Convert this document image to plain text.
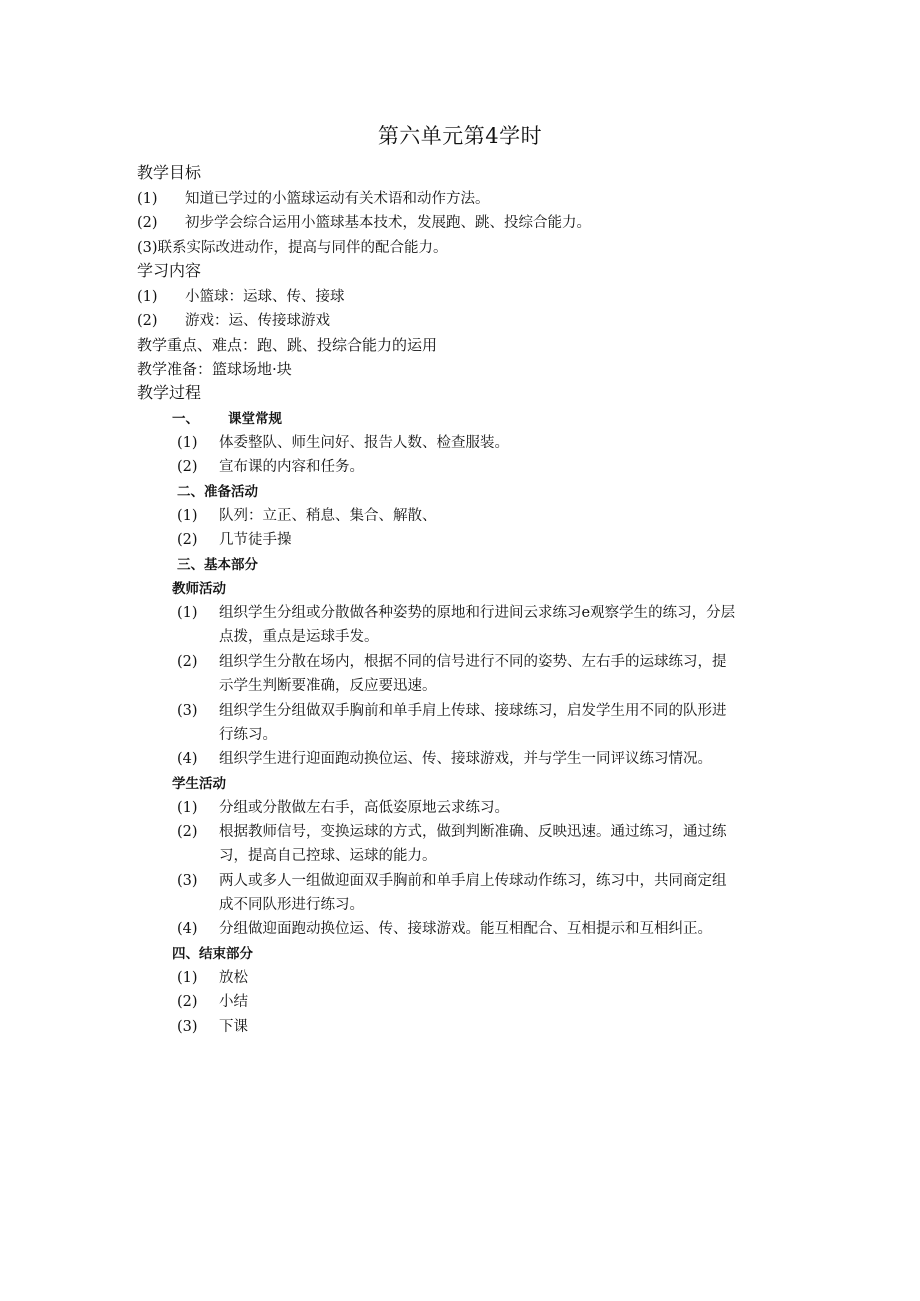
第六单元第4学时
教学目标
(1) 知道已学过的小篮球运动有关术语和动作方法。
(2) 初步学会综合运用小篮球基本技术，发展跑、跳、投综合能力。
(3)联系实际改进动作，提高与同伴的配合能力。
学习内容
(1) 小篮球：运球、传、接球
(2) 游戏：运、传接球游戏
教学重点、难点：跑、跳、投综合能力的运用
教学准备：篮球场地·块
教学过程
一、 课堂常规
(1) 体委整队、师生问好、报告人数、检查服装。
(2) 宣布课的内容和任务。
二、准备活动
(1) 队列：立正、稍息、集合、解散、
(2) 几节徒手操
三、基本部分
教师活动
(1) 组织学生分组或分散做各种姿势的原地和行进间云求练习e观察学生的练习，分层
点拨，重点是运球手发。
(2) 组织学生分散在场内，根据不同的信号进行不同的姿势、左右手的运球练习，提
示学生判断要准确，反应要迅速。
(3) 组织学生分组做双手胸前和单手肩上传球、接球练习，启发学生用不同的队形进
行练习。
(4) 组织学生进行迎面跑动换位运、传、接球游戏，并与学生一同评议练习情况。
学生活动
(1) 分组或分散做左右手，高低姿原地云求练习。
(2) 根据教师信号，变换运球的方式，做到判断准确、反映迅速。通过练习，通过练
习，提高自己控球、运球的能力。
(3) 两人或多人一组做迎面双手胸前和单手肩上传球动作练习，练习中，共同商定组
成不同队形进行练习。
(4) 分组做迎面跑动换位运、传、接球游戏。能互相配合、互相提示和互相纠正。
四、结束部分
(1) 放松
(2) 小结
(3) 下课
